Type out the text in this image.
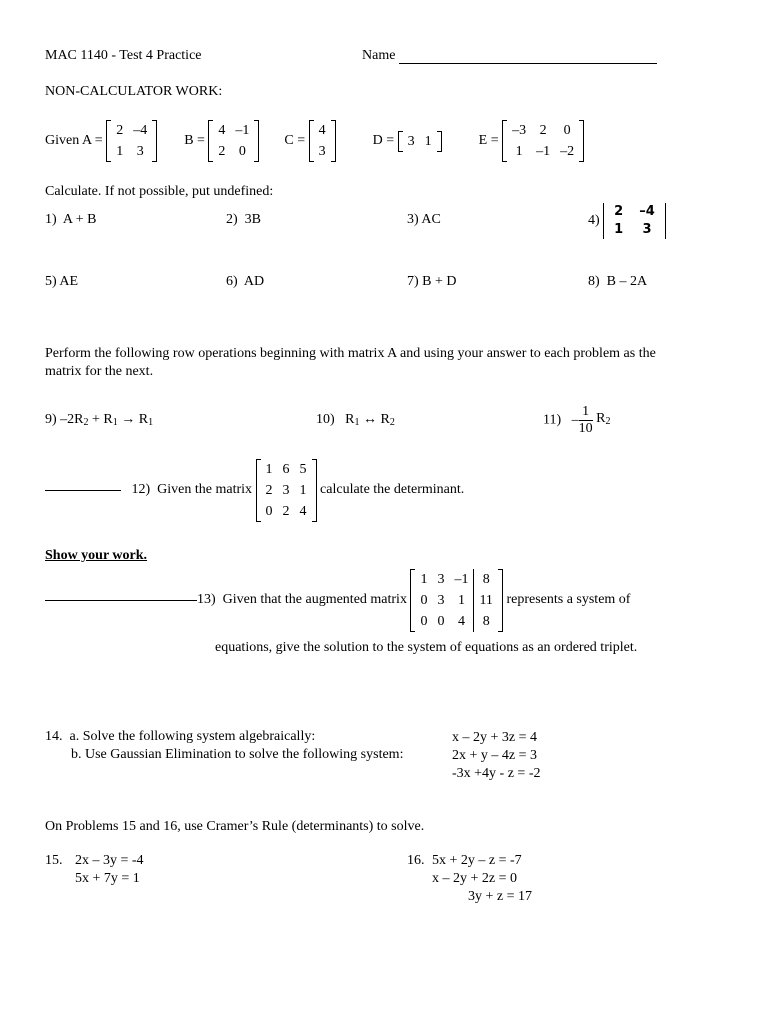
MAC 1140 - Test 4 Practice	Name
NON-CALCULATOR WORK:
Given A =
2	–4
1	3
B =
4	–1
2	0
C =
4
3
D = 3	1	E =
–3	2	0
1	–1	–2
Calculate. If not possible, put undefined:
1) A + B	2) 3B	3) AC	4)
2	–4
1	3
5) AE	6) AD	7) B + D	8) B – 2A
Perform the following row operations beginning with matrix A and using your answer to each problem as the
matrix for the next.
9) $-2R_2 + R_1 \to R_1$	10) $R_1$ ↔ $R_2$	$11) - \frac{1}{10} R_2$
12) Given the matrix
1	6	5
2	3	1
0	2	4
calculate the determinant.
Show your work.
13) Given that the augmented matrix
1	3	–1	8
0	3	1	11
0	0	4	8
represents a system of
equations, give the solution to the system of equations as an ordered triplet.
14. a. Solve the following system algebraically:
b. Use Gaussian Elimination to solve the following system:
x – 2y + 3z = 4
2x + y – 4z = 3
-3x +4y - z = -2
On Problems 15 and 16, use Cramer’s Rule (determinants) to solve.
15. 2x – 3y = -4
5x + 7y = 1
16. 5x + 2y – z = -7
x – 2y + 2z = 0
3y + z = 17
